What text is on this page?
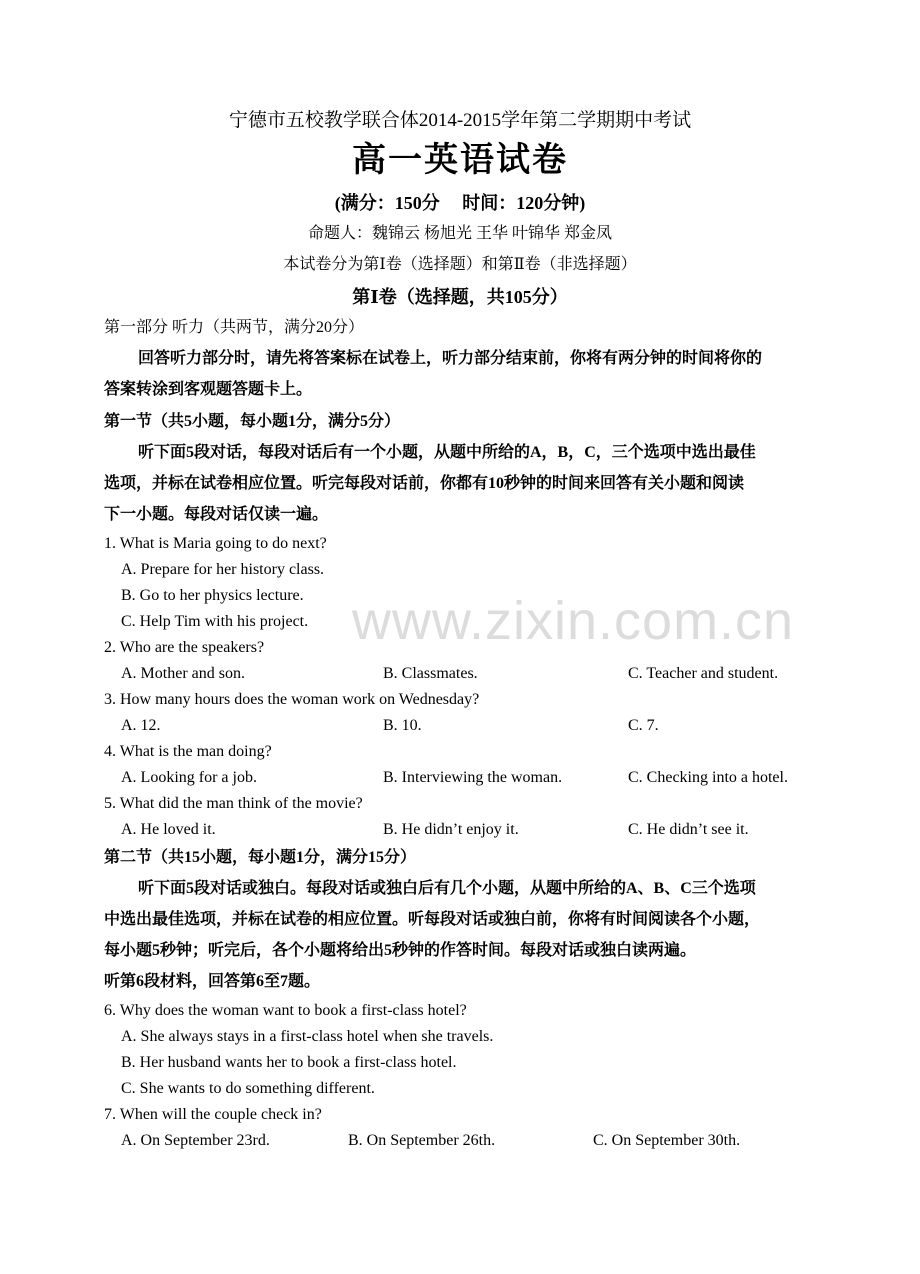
www.zixin.com.cn
宁德市五校教学联合体2014-2015学年第二学期期中考试
高一英语试卷
(满分：150分     时间：120分钟)
命题人：魏锦云 杨旭光 王华 叶锦华 郑金凤
本试卷分为第Ⅰ卷（选择题）和第Ⅱ卷（非选择题）
第Ⅰ卷（选择题，共105分）
第一部分 听力（共两节，满分20分）
回答听力部分时，请先将答案标在试卷上，听力部分结束前，你将有两分钟的时间将你的
答案转涂到客观题答题卡上。
第一节（共5小题，每小题1分，满分5分）
听下面5段对话，每段对话后有一个小题，从题中所给的A，B，C，三个选项中选出最佳
选项，并标在试卷相应位置。听完每段对话前，你都有10秒钟的时间来回答有关小题和阅读
下一小题。每段对话仅读一遍。
1. What is Maria going to do next?
A. Prepare for her history class.
B. Go to her physics lecture.
C. Help Tim with his project.
2. Who are the speakers?
A. Mother and son.	B. Classmates.	C. Teacher and student.
3. How many hours does the woman work on Wednesday?
A. 12.	B. 10.	C. 7.
4. What is the man doing?
A. Looking for a job.	B. Interviewing the woman.	C. Checking into a hotel.
5. What did the man think of the movie?
A. He loved it.	B. He didn’t enjoy it.	C. He didn’t see it.
第二节（共15小题，每小题1分，满分15分）
听下面5段对话或独白。每段对话或独白后有几个小题，从题中所给的A、B、C三个选项
中选出最佳选项，并标在试卷的相应位置。听每段对话或独白前，你将有时间阅读各个小题，
每小题5秒钟；听完后，各个小题将给出5秒钟的作答时间。每段对话或独白读两遍。
听第6段材料，回答第6至7题。
6. Why does the woman want to book a first-class hotel?
A. She always stays in a first-class hotel when she travels.
B. Her husband wants her to book a first-class hotel.
C. She wants to do something different.
7. When will the couple check in?
A. On September 23rd.	B. On September 26th.	C. On September 30th.
